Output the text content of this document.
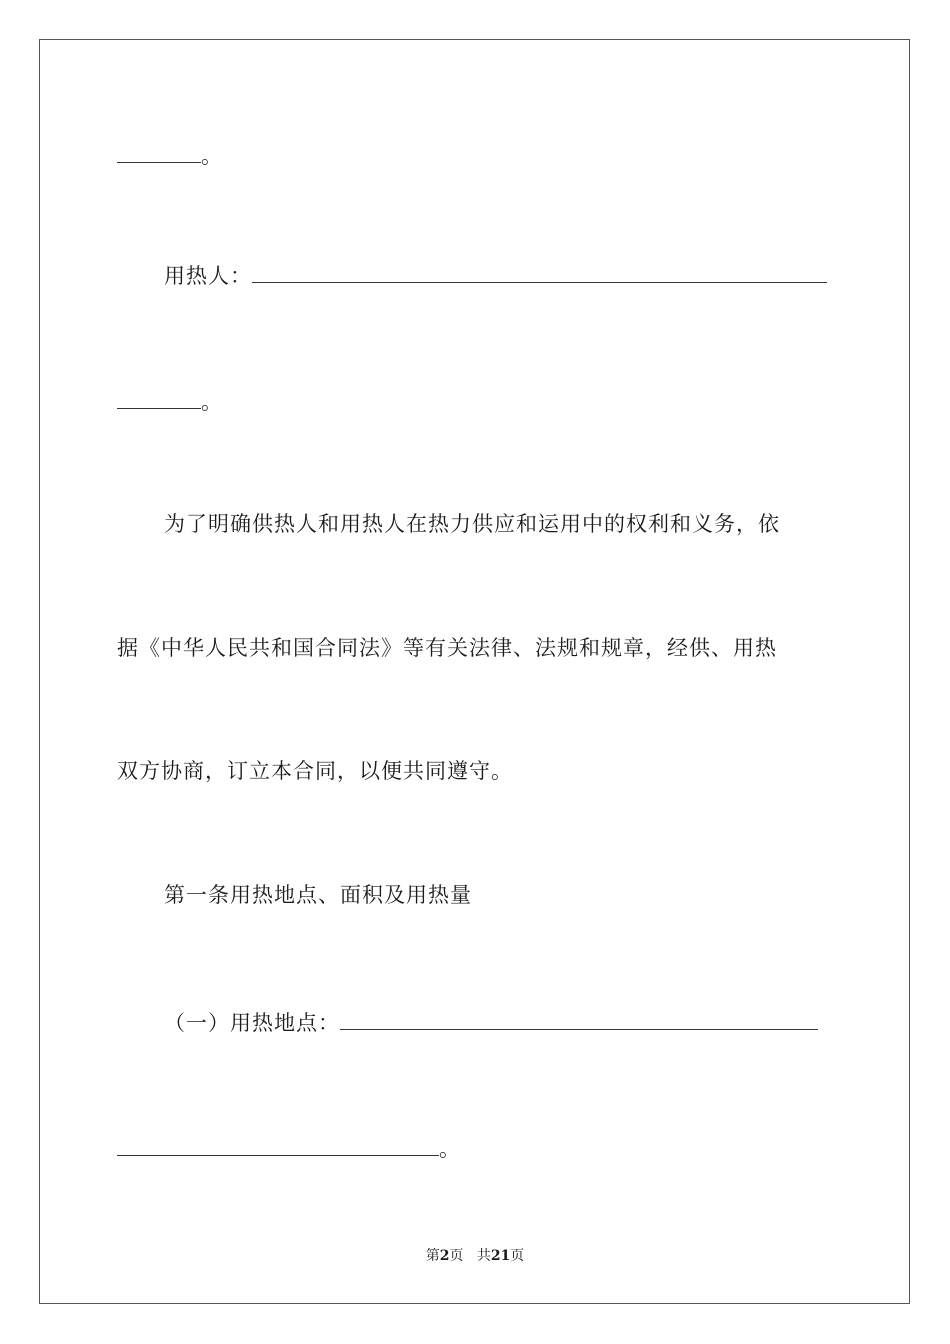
。
用热人：
。
为了明确供热人和用热人在热力供应和运用中的权利和义务，依
据《中华人民共和国合同法》等有关法律、法规和规章，经供、用热
双方协商，订立本合同，以便共同遵守。
第一条用热地点、面积及用热量
（一）用热地点：
。
第2页 共21页
